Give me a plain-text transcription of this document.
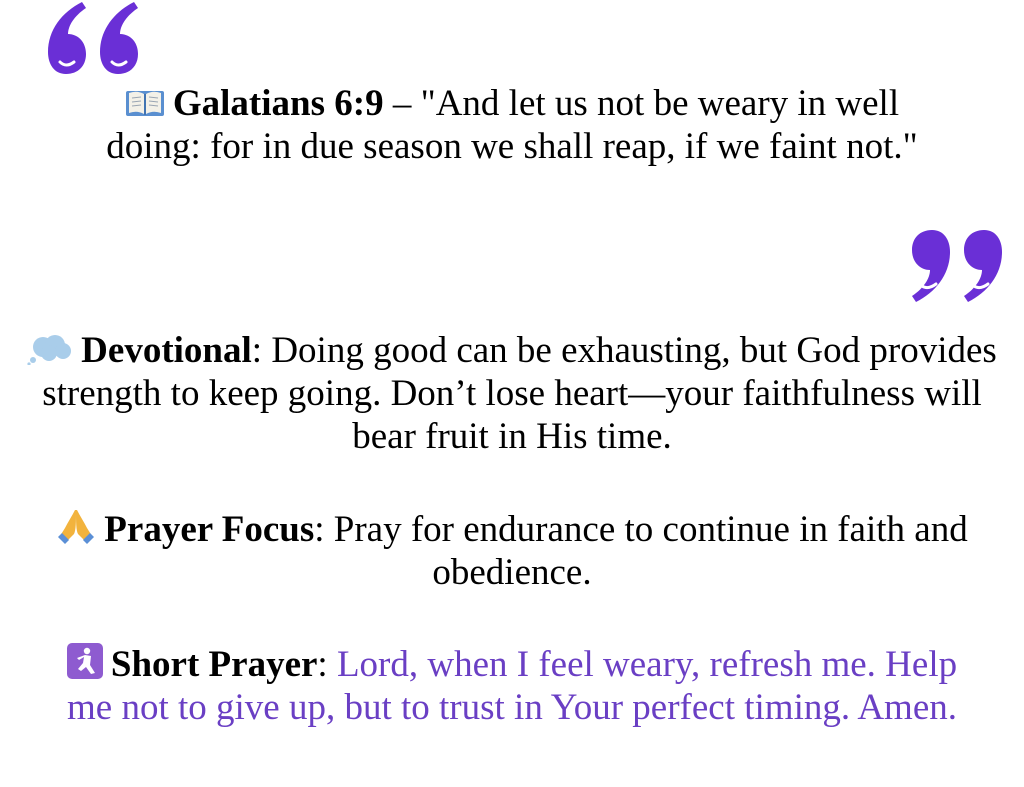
Galatians 6:9 – "And let us not be weary in well doing: for in due season we shall reap, if we faint not."

Devotional: Doing good can be exhausting, but God provides strength to keep going. Don’t lose heart—your faithfulness will bear fruit in His time.

Prayer Focus: Pray for endurance to continue in faith and obedience.

Short Prayer: Lord, when I feel weary, refresh me. Help me not to give up, but to trust in Your perfect timing. Amen.
